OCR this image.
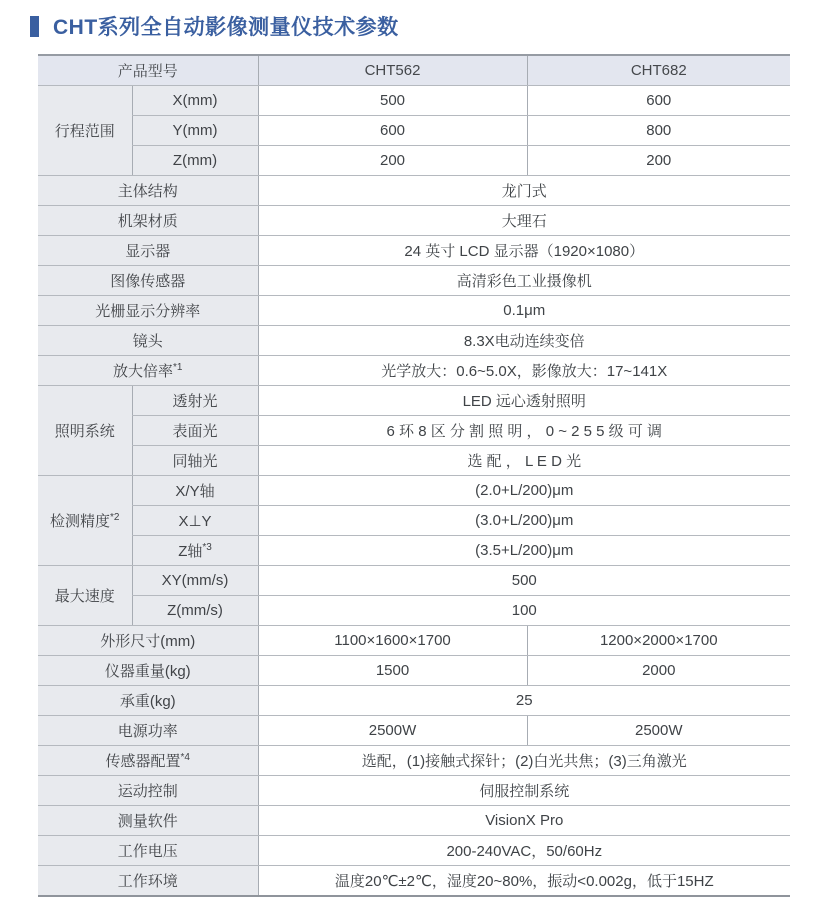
CHT系列全自动影像测量仪技术参数
产品型号		CHT562	CHT682
行程范围	X(mm)	500	600
	Y(mm)	600	800
	Z(mm)	200	200
主体结构		龙门式	
机架材质		大理石	
显示器		24 英寸 LCD 显示器（1920×1080）	
图像传感器		高清彩色工业摄像机	
光栅显示分辨率		0.1μm	
镜头		8.3X电动连续变倍	
放大倍率$^{*1}$		光学放大：0.6~5.0X，影像放大：17~141X	
照明系统	透射光	LED 远心透射照明	
	表面光	6 环 8 区 分 割 照 明 ， 0 ~ 2 5 5 级 可 调	
	同轴光	选 配 ， L E D 光	
检测精度$^{*2}$	X/Y轴	(2.0+L/200)μm	
	X⊥Y	(3.0+L/200)μm	
	Z轴$^{*3}$	(3.5+L/200)μm	
最大速度	XY(mm/s)	500	
	Z(mm/s)	100	
外形尺寸(mm)		1100×1600×1700	1200×2000×1700
仪器重量(kg)		1500	2000
承重(kg)		25	
电源功率		2500W	2500W
传感器配置$^{*4}$		选配，(1)接触式探针；(2)白光共焦；(3)三角激光	
运动控制		伺服控制系统	
测量软件		VisionX Pro	
工作电压		200-240VAC，50/60Hz	
工作环境		温度20℃±2℃，湿度20~80%，振动<0.002g，低于15HZ	
